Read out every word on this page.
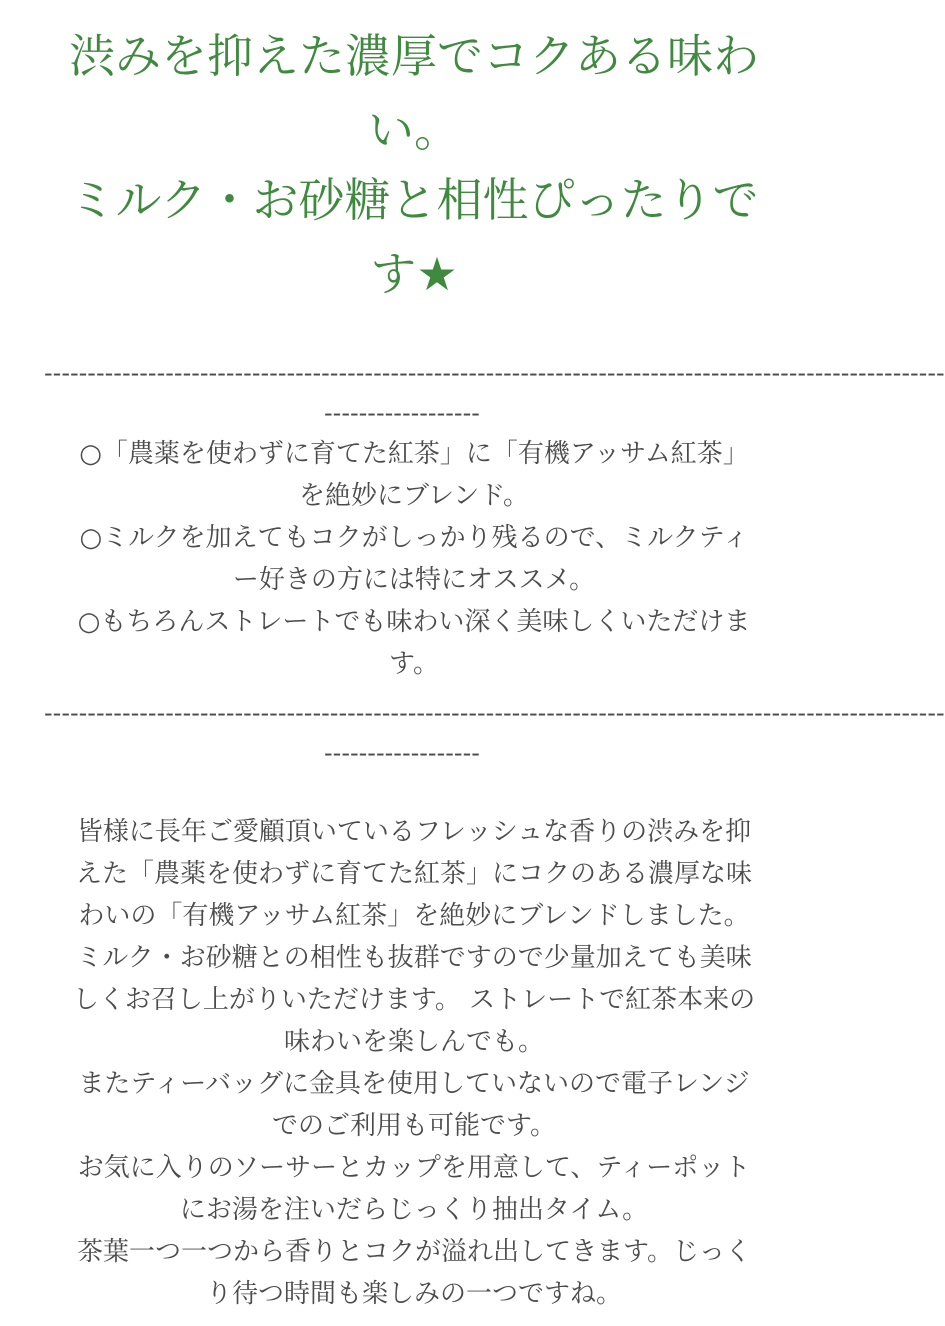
渋みを抑えた濃厚でコクある味わ
い。
ミルク・お砂糖と相性ぴったりで
す★
--------------------------------------------------------------------------------------------------------
------------------
○「農薬を使わずに育てた紅茶」に「有機アッサム紅茶」
を絶妙にブレンド。
○ミルクを加えてもコクがしっかり残るので、ミルクティ
ー好きの方には特にオススメ。
○もちろんストレートでも味わい深く美味しくいただけま
す。
--------------------------------------------------------------------------------------------------------
------------------
皆様に長年ご愛顧頂いているフレッシュな香りの渋みを抑
えた「農薬を使わずに育てた紅茶」にコクのある濃厚な味
わいの「有機アッサム紅茶」を絶妙にブレンドしました。
ミルク・お砂糖との相性も抜群ですので少量加えても美味
しくお召し上がりいただけます。 ストレートで紅茶本来の
味わいを楽しんでも。
またティーバッグに金具を使用していないので電子レンジ
でのご利用も可能です。
お気に入りのソーサーとカップを用意して、ティーポット
にお湯を注いだらじっくり抽出タイム。
茶葉一つ一つから香りとコクが溢れ出してきます。じっく
り待つ時間も楽しみの一つですね。
